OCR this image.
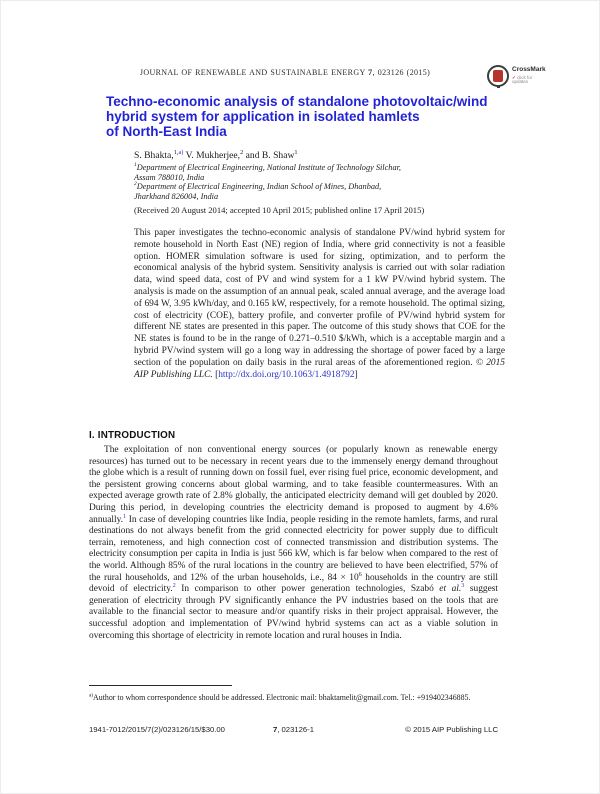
JOURNAL OF RENEWABLE AND SUSTAINABLE ENERGY 7, 023126 (2015)	CrossMark
✓ click for updates
Techno-economic analysis of standalone photovoltaic/wind
hybrid system for application in isolated hamlets
of North-East India
S. Bhakta,$^{1,a)}$ V. Mukherjee,$^2$ and B. Shaw$^1$
$^1$Department of Electrical Engineering, National Institute of Technology Silchar,
Assam 788010, India
$^2$Department of Electrical Engineering, Indian School of Mines, Dhanbad,
Jharkhand 826004, India
(Received 20 August 2014; accepted 10 April 2015; published online 17 April 2015)
This paper investigates the techno-economic analysis of standalone PV/wind hybrid system for remote household in North East (NE) region of India, where grid connectivity is not a feasible option. HOMER simulation software is used for sizing, optimization, and to perform the economical analysis of the hybrid system. Sensitivity analysis is carried out with solar radiation data, wind speed data, cost of PV and wind system for a 1 kW PV/wind hybrid system. The analysis is made on the assumption of an annual peak, scaled annual average, and the average load of 694 W, 3.95 kWh/day, and 0.165 kW, respectively, for a remote household. The optimal sizing, cost of electricity (COE), battery profile, and converter profile of PV/wind hybrid system for different NE states are presented in this paper. The outcome of this study shows that COE for the NE states is found to be in the range of 0.271–0.510 $/kWh, which is a acceptable margin and a hybrid PV/wind system will go a long way in addressing the shortage of power faced by a large section of the population on daily basis in the rural areas of the aforementioned region. © 2015 AIP Publishing LLC. [http://dx.doi.org/10.1063/1.4918792]
I. INTRODUCTION
The exploitation of non conventional energy sources (or popularly known as renewable energy resources) has turned out to be necessary in recent years due to the immensely energy demand throughout the globe which is a result of running down on fossil fuel, ever rising fuel price, economic development, and the persistent growing concerns about global warming, and to take feasible countermeasures. With an expected average growth rate of 2.8% globally, the anticipated electricity demand will get doubled by 2020. During this period, in developing countries the electricity demand is proposed to augment by 4.6% annually.$^1$ In case of developing countries like India, people residing in the remote hamlets, farms, and rural destinations do not always benefit from the grid connected electricity for power supply due to difficult terrain, remoteness, and high connection cost of connected transmission and distribution systems. The electricity consumption per capita in India is just 566 kW, which is far below when compared to the rest of the world. Although 85% of the rural locations in the country are believed to have been electrified, 57% of the rural households, and 12% of the urban households, i.e., $84 \times 10^6$ households in the country are still devoid of electricity.$^2$ In comparison to other power generation technologies, Szabó et al.$^3$ suggest generation of electricity through PV significantly enhance the PV industries based on the tools that are available to the financial sector to measure and/or quantify risks in their project appraisal. However, the successful adoption and implementation of PV/wind hybrid systems can act as a viable solution in overcoming this shortage of electricity in remote location and rural houses in India.
$^{a)}$Author to whom correspondence should be addressed. Electronic mail: bhaktamelit@gmail.com. Tel.: +919402346885.
1941-7012/2015/7(2)/023126/15/$30.00	7, 023126-1	© 2015 AIP Publishing LLC
